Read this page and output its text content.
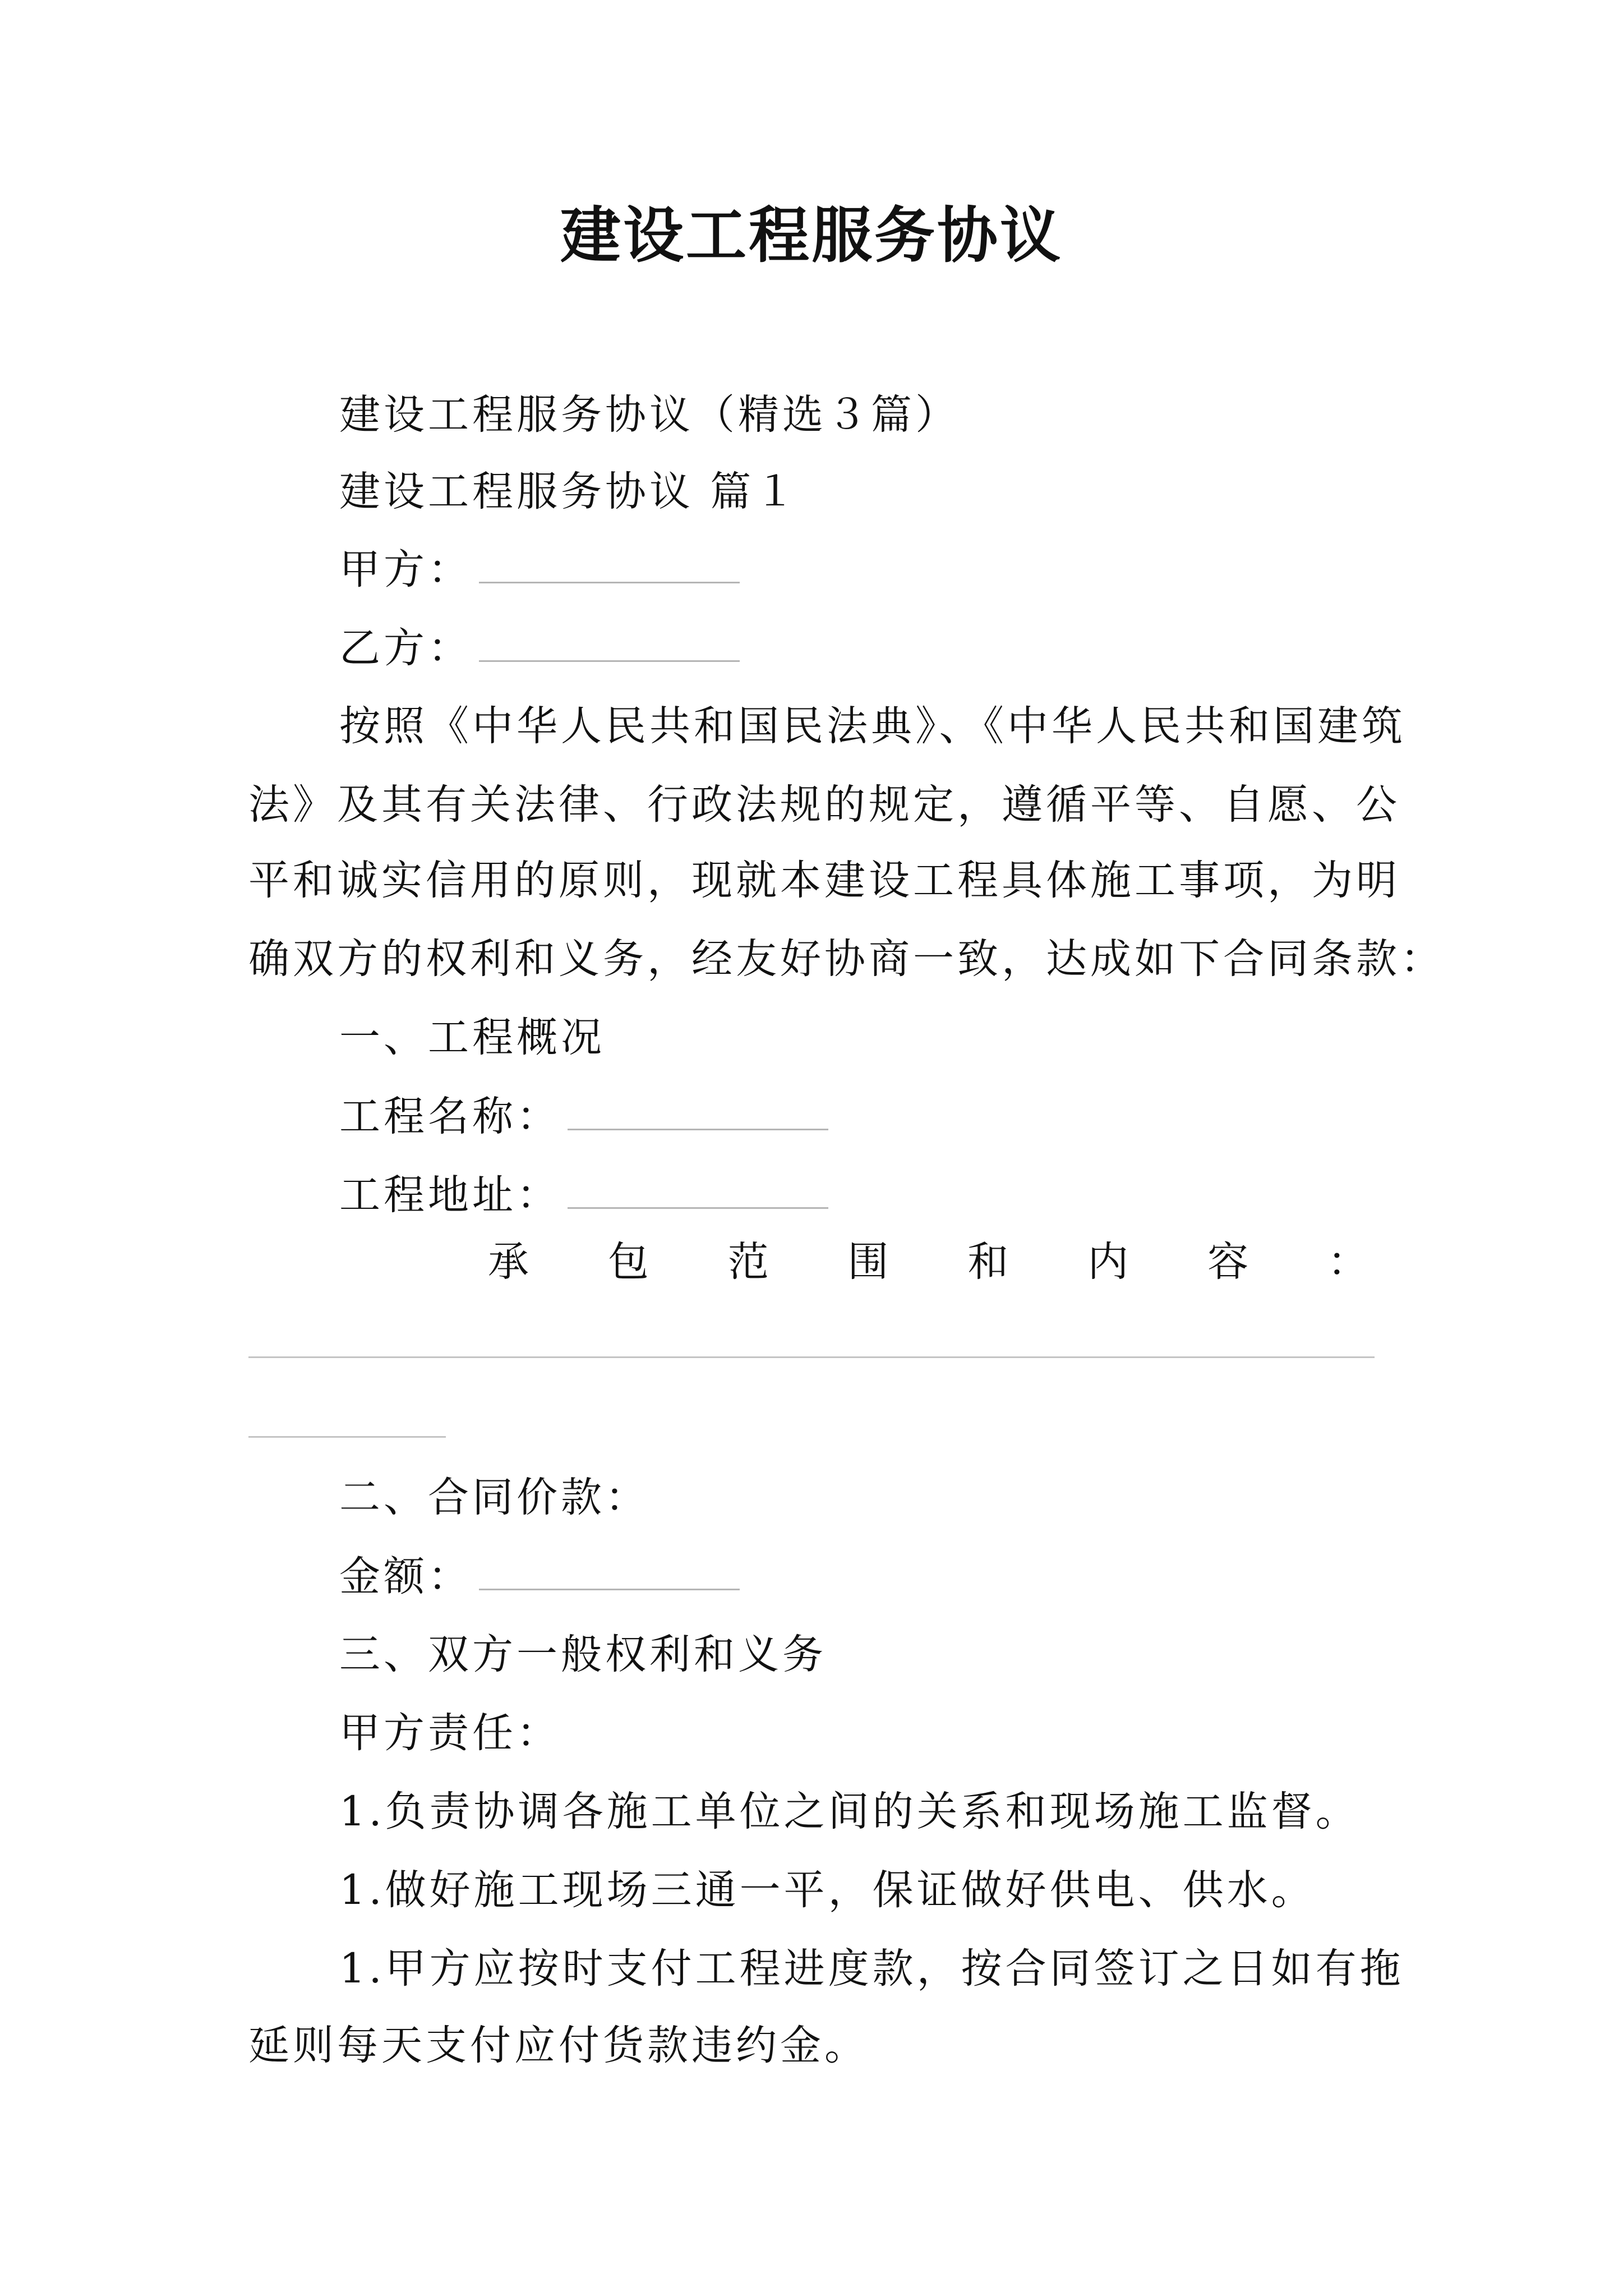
建设工程服务协议
建设工程服务协议（精选３篇）
建设工程服务协议 篇１
甲方：
乙方：
按照《中华人民共和国民法典》、《中华人民共和国建筑
法》及其有关法律、行政法规的规定，遵循平等、自愿、公
平和诚实信用的原则，现就本建设工程具体施工事项，为明
确双方的权利和义务，经友好协商一致，达成如下合同条款：
一、工程概况
工程名称：
工程地址：
承 包 范 围 和 内 容 ：
二、合同价款：
金额：
三、双方一般权利和义务
甲方责任：
1.负责协调各施工单位之间的关系和现场施工监督。
1.做好施工现场三通一平，保证做好供电、供水。
1.甲方应按时支付工程进度款，按合同签订之日如有拖
延则每天支付应付货款违约金。
